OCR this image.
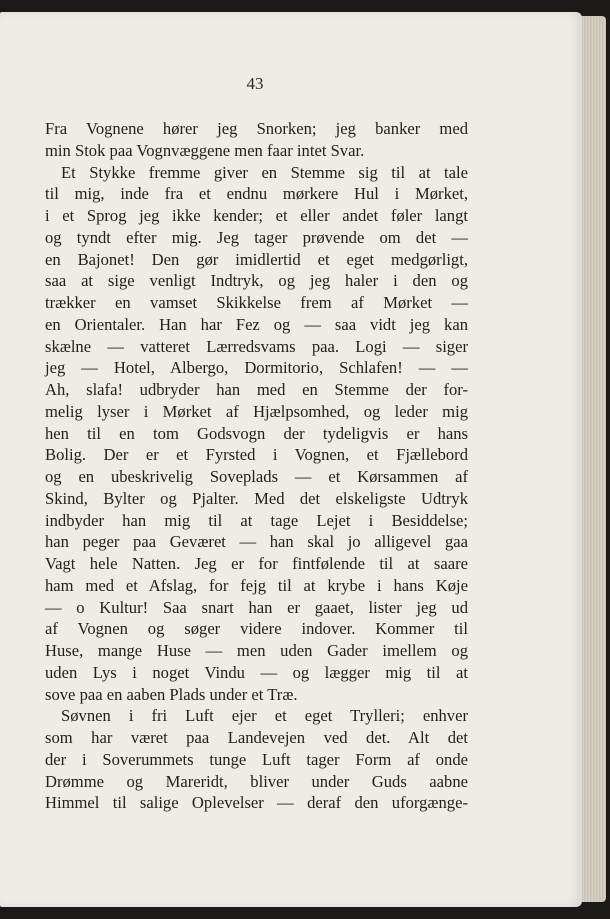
43
Fra Vognene hører jeg Snorken; jeg banker med
min Stok paa Vognvæggene men faar intet Svar.
Et Stykke fremme giver en Stemme sig til at tale
til mig, inde fra et endnu mørkere Hul i Mørket,
i et Sprog jeg ikke kender; et eller andet føler langt
og tyndt efter mig. Jeg tager prøvende om det —
en Bajonet! Den gør imidlertid et eget medgørligt,
saa at sige venligt Indtryk, og jeg haler i den og
trækker en vamset Skikkelse frem af Mørket —
en Orientaler. Han har Fez og — saa vidt jeg kan
skælne — vatteret Lærredsvams paa. Logi — siger
jeg — Hotel, Albergo, Dormitorio, Schlafen! — —
Ah, slafa! udbryder han med en Stemme der for-
melig lyser i Mørket af Hjælpsomhed, og leder mig
hen til en tom Godsvogn der tydeligvis er hans
Bolig. Der er et Fyrsted i Vognen, et Fjællebord
og en ubeskrivelig Soveplads — et Kørsammen af
Skind, Bylter og Pjalter. Med det elskeligste Udtryk
indbyder han mig til at tage Lejet i Besiddelse;
han peger paa Geværet — han skal jo alligevel gaa
Vagt hele Natten. Jeg er for fintfølende til at saare
ham med et Afslag, for fejg til at krybe i hans Køje
— o Kultur! Saa snart han er gaaet, lister jeg ud
af Vognen og søger videre indover. Kommer til
Huse, mange Huse — men uden Gader imellem og
uden Lys i noget Vindu — og lægger mig til at
sove paa en aaben Plads under et Træ.
Søvnen i fri Luft ejer et eget Trylleri; enhver
som har været paa Landevejen ved det. Alt det
der i Soverummets tunge Luft tager Form af onde
Drømme og Mareridt, bliver under Guds aabne
Himmel til salige Oplevelser — deraf den uforgænge-
